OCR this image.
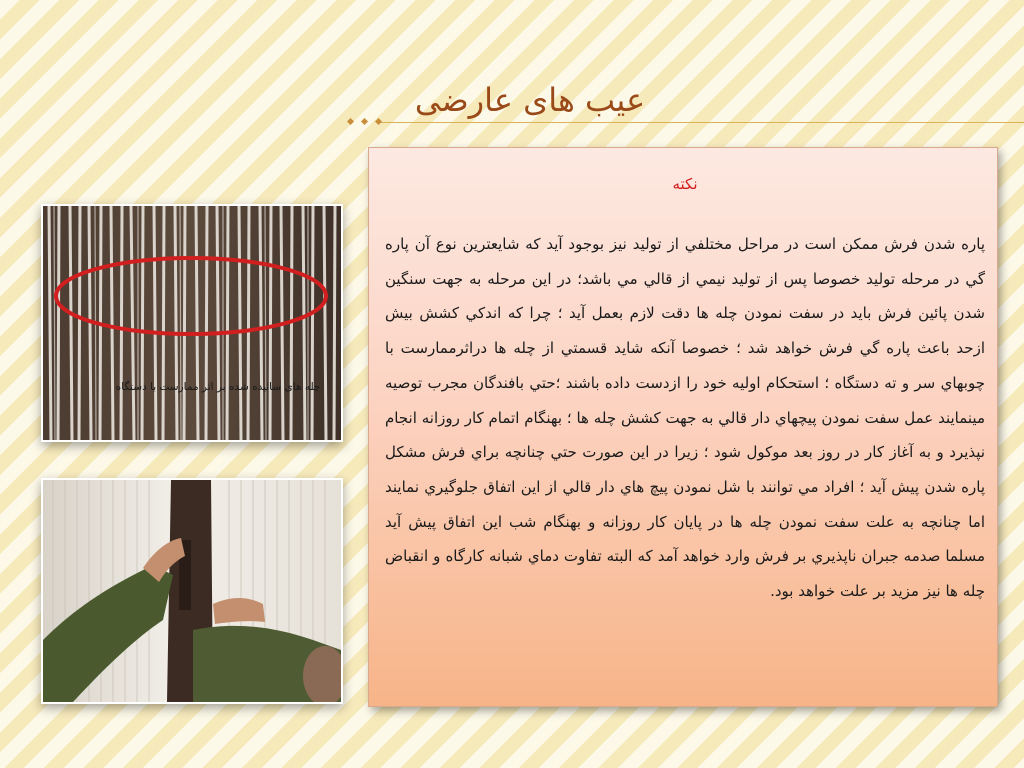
عیب های عارضی
چله های سائیده شده بر اثر ممارست با دستگاه
نکته

پاره شدن فرش ممکن است در مراحل مختلفي از توليد نيز بوجود آيد که شايعترين نوع آن پاره گي در مرحله توليد خصوصا پس از توليد نيمي از قالي مي باشد؛ در اين مرحله به جهت سنگين شدن پائين فرش بايد در سفت نمودن چله ها دقت لازم بعمل آيد ؛ چرا که اندکي کشش بيش ازحد باعث پاره گي فرش خواهد شد ؛ خصوصا آنکه شايد قسمتي از چله ها دراثرممارست با چوبهاي سر و ته دستگاه ؛ استحکام اوليه خود را ازدست داده باشند ؛حتي بافندگان مجرب توصيه مينمايند عمل سفت نمودن پيچهاي دار قالي به جهت کشش چله ها ؛ بهنگام اتمام کار روزانه انجام نپذيرد و به آغاز کار در روز بعد موکول شود ؛ زيرا در اين صورت حتي چنانچه براي فرش مشکل پاره شدن پيش آيد ؛ افراد مي توانند با شل نمودن پيچ هاي دار قالي از اين اتفاق جلوگيري نمايند اما چنانچه به علت سفت نمودن چله ها در پايان کار روزانه و بهنگام شب اين اتفاق پيش آيد مسلما صدمه جبران ناپذيري بر فرش وارد خواهد آمد که البته تفاوت دماي شبانه کارگاه و انقباض چله ها نيز مزيد بر علت خواهد بود.
